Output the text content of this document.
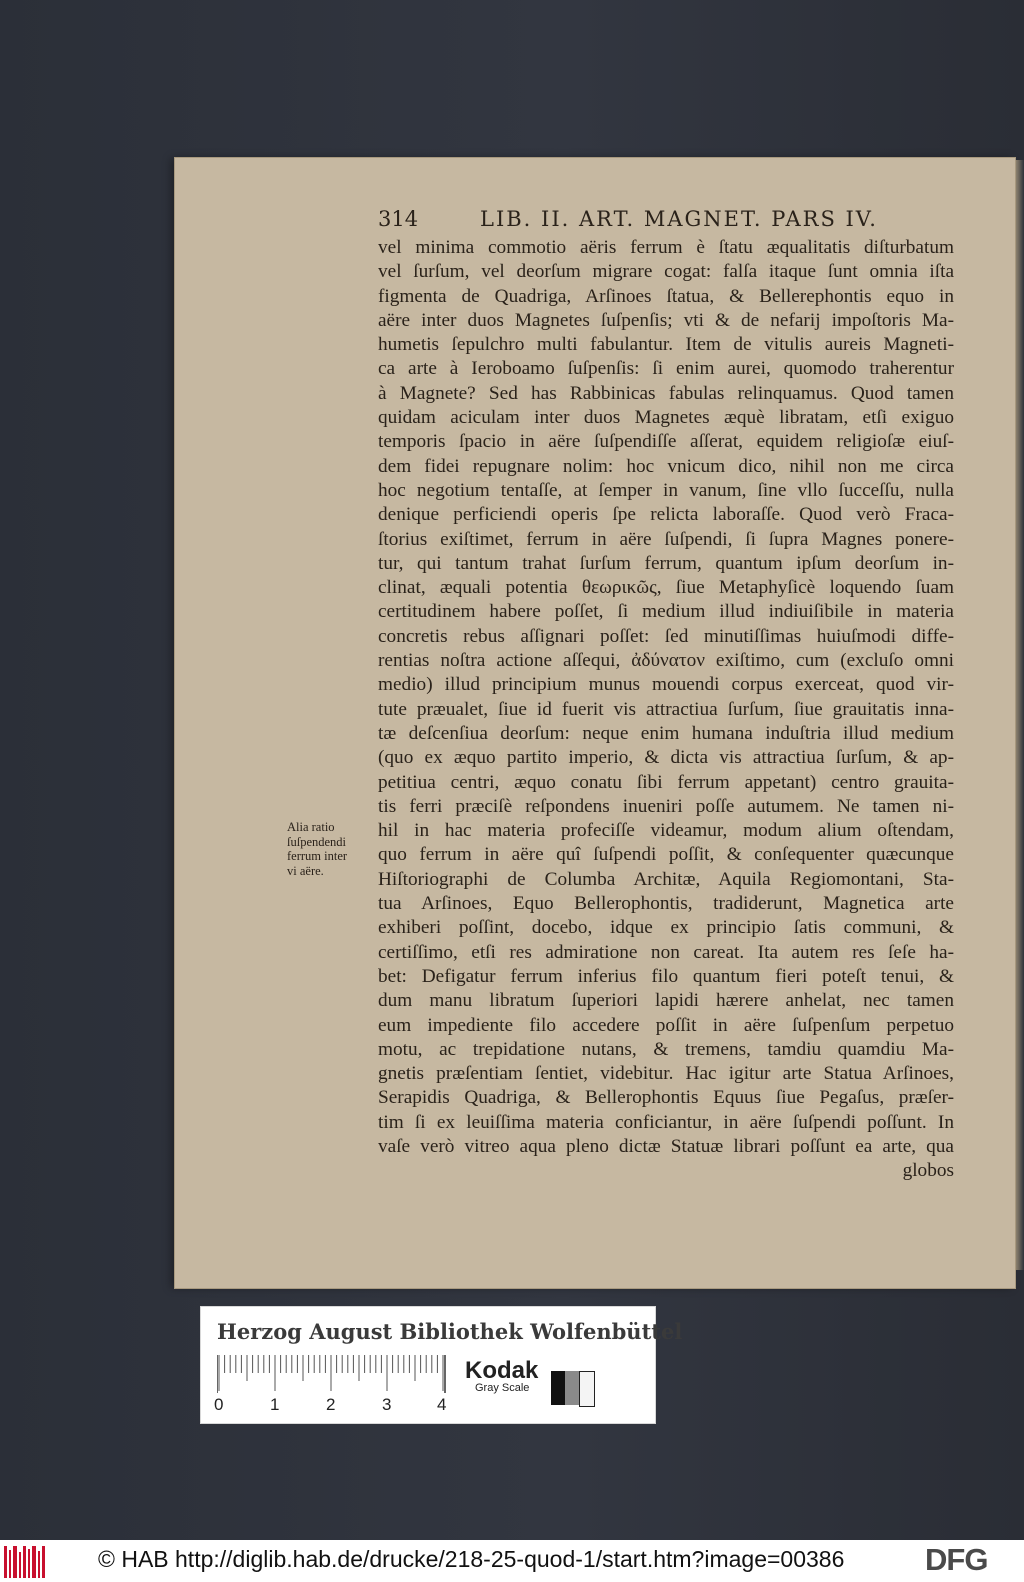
314	LIB. II. ART. MAGNET. PARS IV.
Alia ratio
ſuſpendendi
ferrum inter
vi aëre.
vel minima commotio aëris ferrum è ſtatu æqualitatis diſturbatum
vel ſurſum, vel deorſum migrare cogat: falſa itaque ſunt omnia iſta
figmenta de Quadriga, Arſinoes ſtatua, & Bellerephontis equo in
aëre inter duos Magnetes ſuſpenſis; vti & de nefarij impoſtoris Ma-
humetis ſepulchro multi fabulantur. Item de vitulis aureis Magneti-
ca arte à Ieroboamo ſuſpenſis: ſi enim aurei, quomodo traherentur
à Magnete? Sed has Rabbinicas fabulas relinquamus. Quod tamen
quidam aciculam inter duos Magnetes æquè libratam, etſi exiguo
temporis ſpacio in aëre ſuſpendiſſe aſſerat, equidem religioſæ eiuſ-
dem fidei repugnare nolim: hoc vnicum dico, nihil non me circa
hoc negotium tentaſſe, at ſemper in vanum, ſine vllo ſucceſſu, nulla
denique perficiendi operis ſpe relicta laboraſſe. Quod verò Fraca-
ſtorius exiſtimet, ferrum in aëre ſuſpendi, ſi ſupra Magnes ponere-
tur, qui tantum trahat ſurſum ferrum, quantum ipſum deorſum in-
clinat, æquali potentia θεωρικῶς, ſiue Metaphyſicè loquendo ſuam
certitudinem habere poſſet, ſi medium illud indiuiſibile in materia
concretis rebus aſſignari poſſet: ſed minutiſſimas huiuſmodi diffe-
rentias noſtra actione aſſequi, ἀδύνατον exiſtimo, cum (excluſo omni
medio) illud principium munus mouendi corpus exerceat, quod vir-
tute præualet, ſiue id fuerit vis attractiua ſurſum, ſiue grauitatis inna-
tæ deſcenſiua deorſum: neque enim humana induſtria illud medium
(quo ex æquo partito imperio, & dicta vis attractiua ſurſum, & ap-
petitiua centri, æquo conatu ſibi ferrum appetant) centro grauita-
tis ferri præciſè reſpondens inueniri poſſe autumem. Ne tamen ni-
hil in hac materia profeciſſe videamur, modum alium oſtendam,
quo ferrum in aëre quî ſuſpendi poſſit, & conſequenter quæcunque
Hiſtoriographi de Columba Architæ, Aquila Regiomontani, Sta-
tua Arſinoes, Equo Bellerophontis, tradiderunt, Magnetica arte
exhiberi poſſint, docebo, idque ex principio ſatis communi, &
certiſſimo, etſi res admiratione non careat. Ita autem res ſeſe ha-
bet: Defigatur ferrum inferius filo quantum fieri poteſt tenui, &
dum manu libratum ſuperiori lapidi hærere anhelat, nec tamen
eum impediente filo accedere poſſit in aëre ſuſpenſum perpetuo
motu, ac trepidatione nutans, & tremens, tamdiu quamdiu Ma-
gnetis præſentiam ſentiet, videbitur. Hac igitur arte Statua Arſinoes,
Serapidis Quadriga, & Bellerophontis Equus ſiue Pegaſus, præſer-
tim ſi ex leuiſſima materia conficiantur, in aëre ſuſpendi poſſunt. In
vaſe verò vitreo aqua pleno dictæ Statuæ librari poſſunt ea arte, qua
globos
Herzog August Bibliothek Wolfenbüttel
0	1	2	3	4
Kodak
Gray Scale
© HAB http://diglib.hab.de/drucke/218-25-quod-1/start.htm?image=00386	DFG
